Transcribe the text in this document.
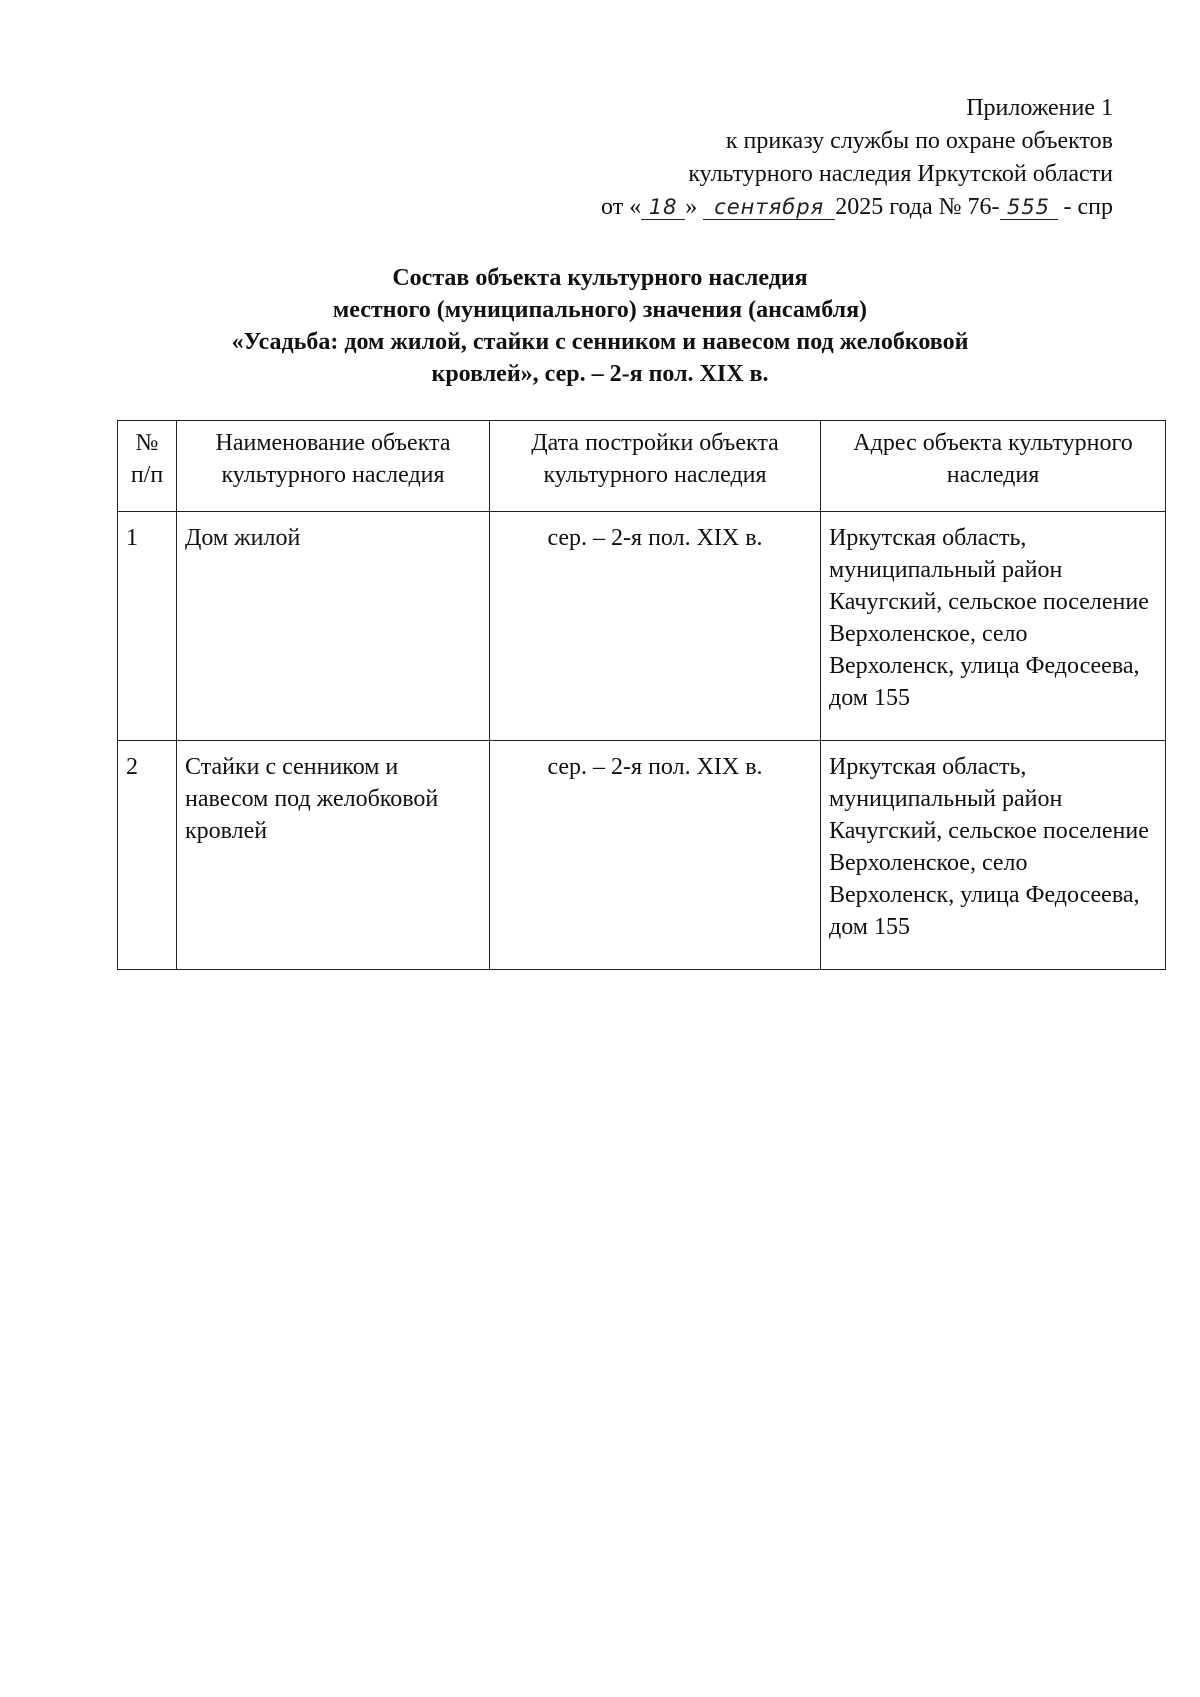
Приложение 1
к приказу службы по охране объектов
культурного наследия Иркутской области
от « 18 » сентября 2025 года № 76- 555 - спр
Состав объекта культурного наследия
местного (муниципального) значения (ансамбля)
«Усадьба: дом жилой, стайки с сенником и навесом под желобковой
кровлей», сер. – 2-я пол. XIX в.
№ п/п	Наименование объекта культурного наследия	Дата постройки объекта культурного наследия	Адрес объекта культурного наследия
1	Дом жилой	сер. – 2-я пол. XIX в.	Иркутская область, муниципальный район Качугский, сельское поселение Верхоленское, село Верхоленск, улица Федосеева, дом 155
2	Стайки с сенником и навесом под желобковой кровлей	сер. – 2-я пол. XIX в.	Иркутская область, муниципальный район Качугский, сельское поселение Верхоленское, село Верхоленск, улица Федосеева, дом 155
